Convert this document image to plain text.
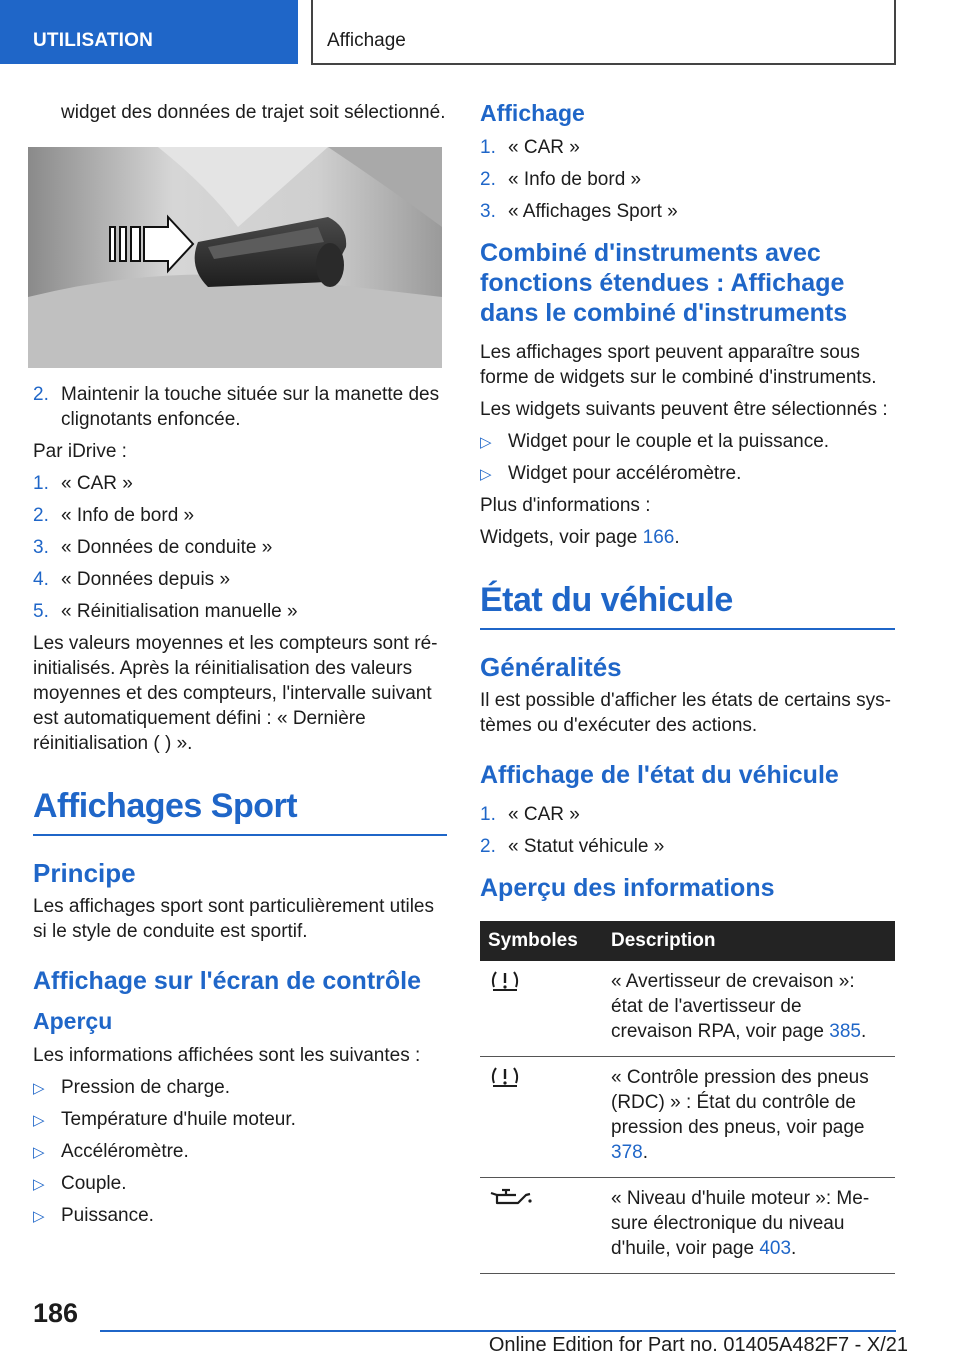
UTILISATION	Affichage

widget des données de trajet soit sélectionné.

2. Maintenir la touche située sur la manette des clignotants enfoncée.

Par iDrive :

1. « CAR »
2. « Info de bord »
3. « Données de conduite »
4. « Données depuis »
5. « Réinitialisation manuelle »

Les valeurs moyennes et les compteurs sont réinitialisés. Après la réinitialisation des valeurs moyennes et des compteurs, l'intervalle suivant est automatiquement défini : « Dernière réinitialisation ( ) ».

Affichages Sport
Principe

Les affichages sport sont particulièrement utiles si le style de conduite est sportif.

Affichage sur l'écran de contrôle
Aperçu

Les informations affichées sont les suivantes :

▷ Pression de charge.
▷ Température d'huile moteur.
▷ Accéléromètre.
▷ Couple.
▷ Puissance.
Affichage
1. « CAR »
2. « Info de bord »
3. « Affichages Sport »
Combiné d'instruments avec fonctions étendues : Affichage dans le combiné d'instruments

Les affichages sport peuvent apparaître sous forme de widgets sur le combiné d'instruments.

Les widgets suivants peuvent être sélectionnés :

▷ Widget pour le couple et la puissance.
▷ Widget pour accéléromètre.

Plus d'informations :

Widgets, voir page 166.

État du véhicule
Généralités

Il est possible d'afficher les états de certains systèmes ou d'exécuter des actions.

Affichage de l'état du véhicule
1. « CAR »
2. « Statut véhicule »
Aperçu des informations
Symboles	Description
	« Avertisseur de crevaison »: état de l'avertisseur de crevaison RPA, voir page 385.
	« Contrôle pression des pneus (RDC) » : État du contrôle de pression des pneus, voir page 378.
	« Niveau d'huile moteur »: Mesure électronique du niveau d'huile, voir page 403.
186
Online Edition for Part no. 01405A482F7 - X/21
